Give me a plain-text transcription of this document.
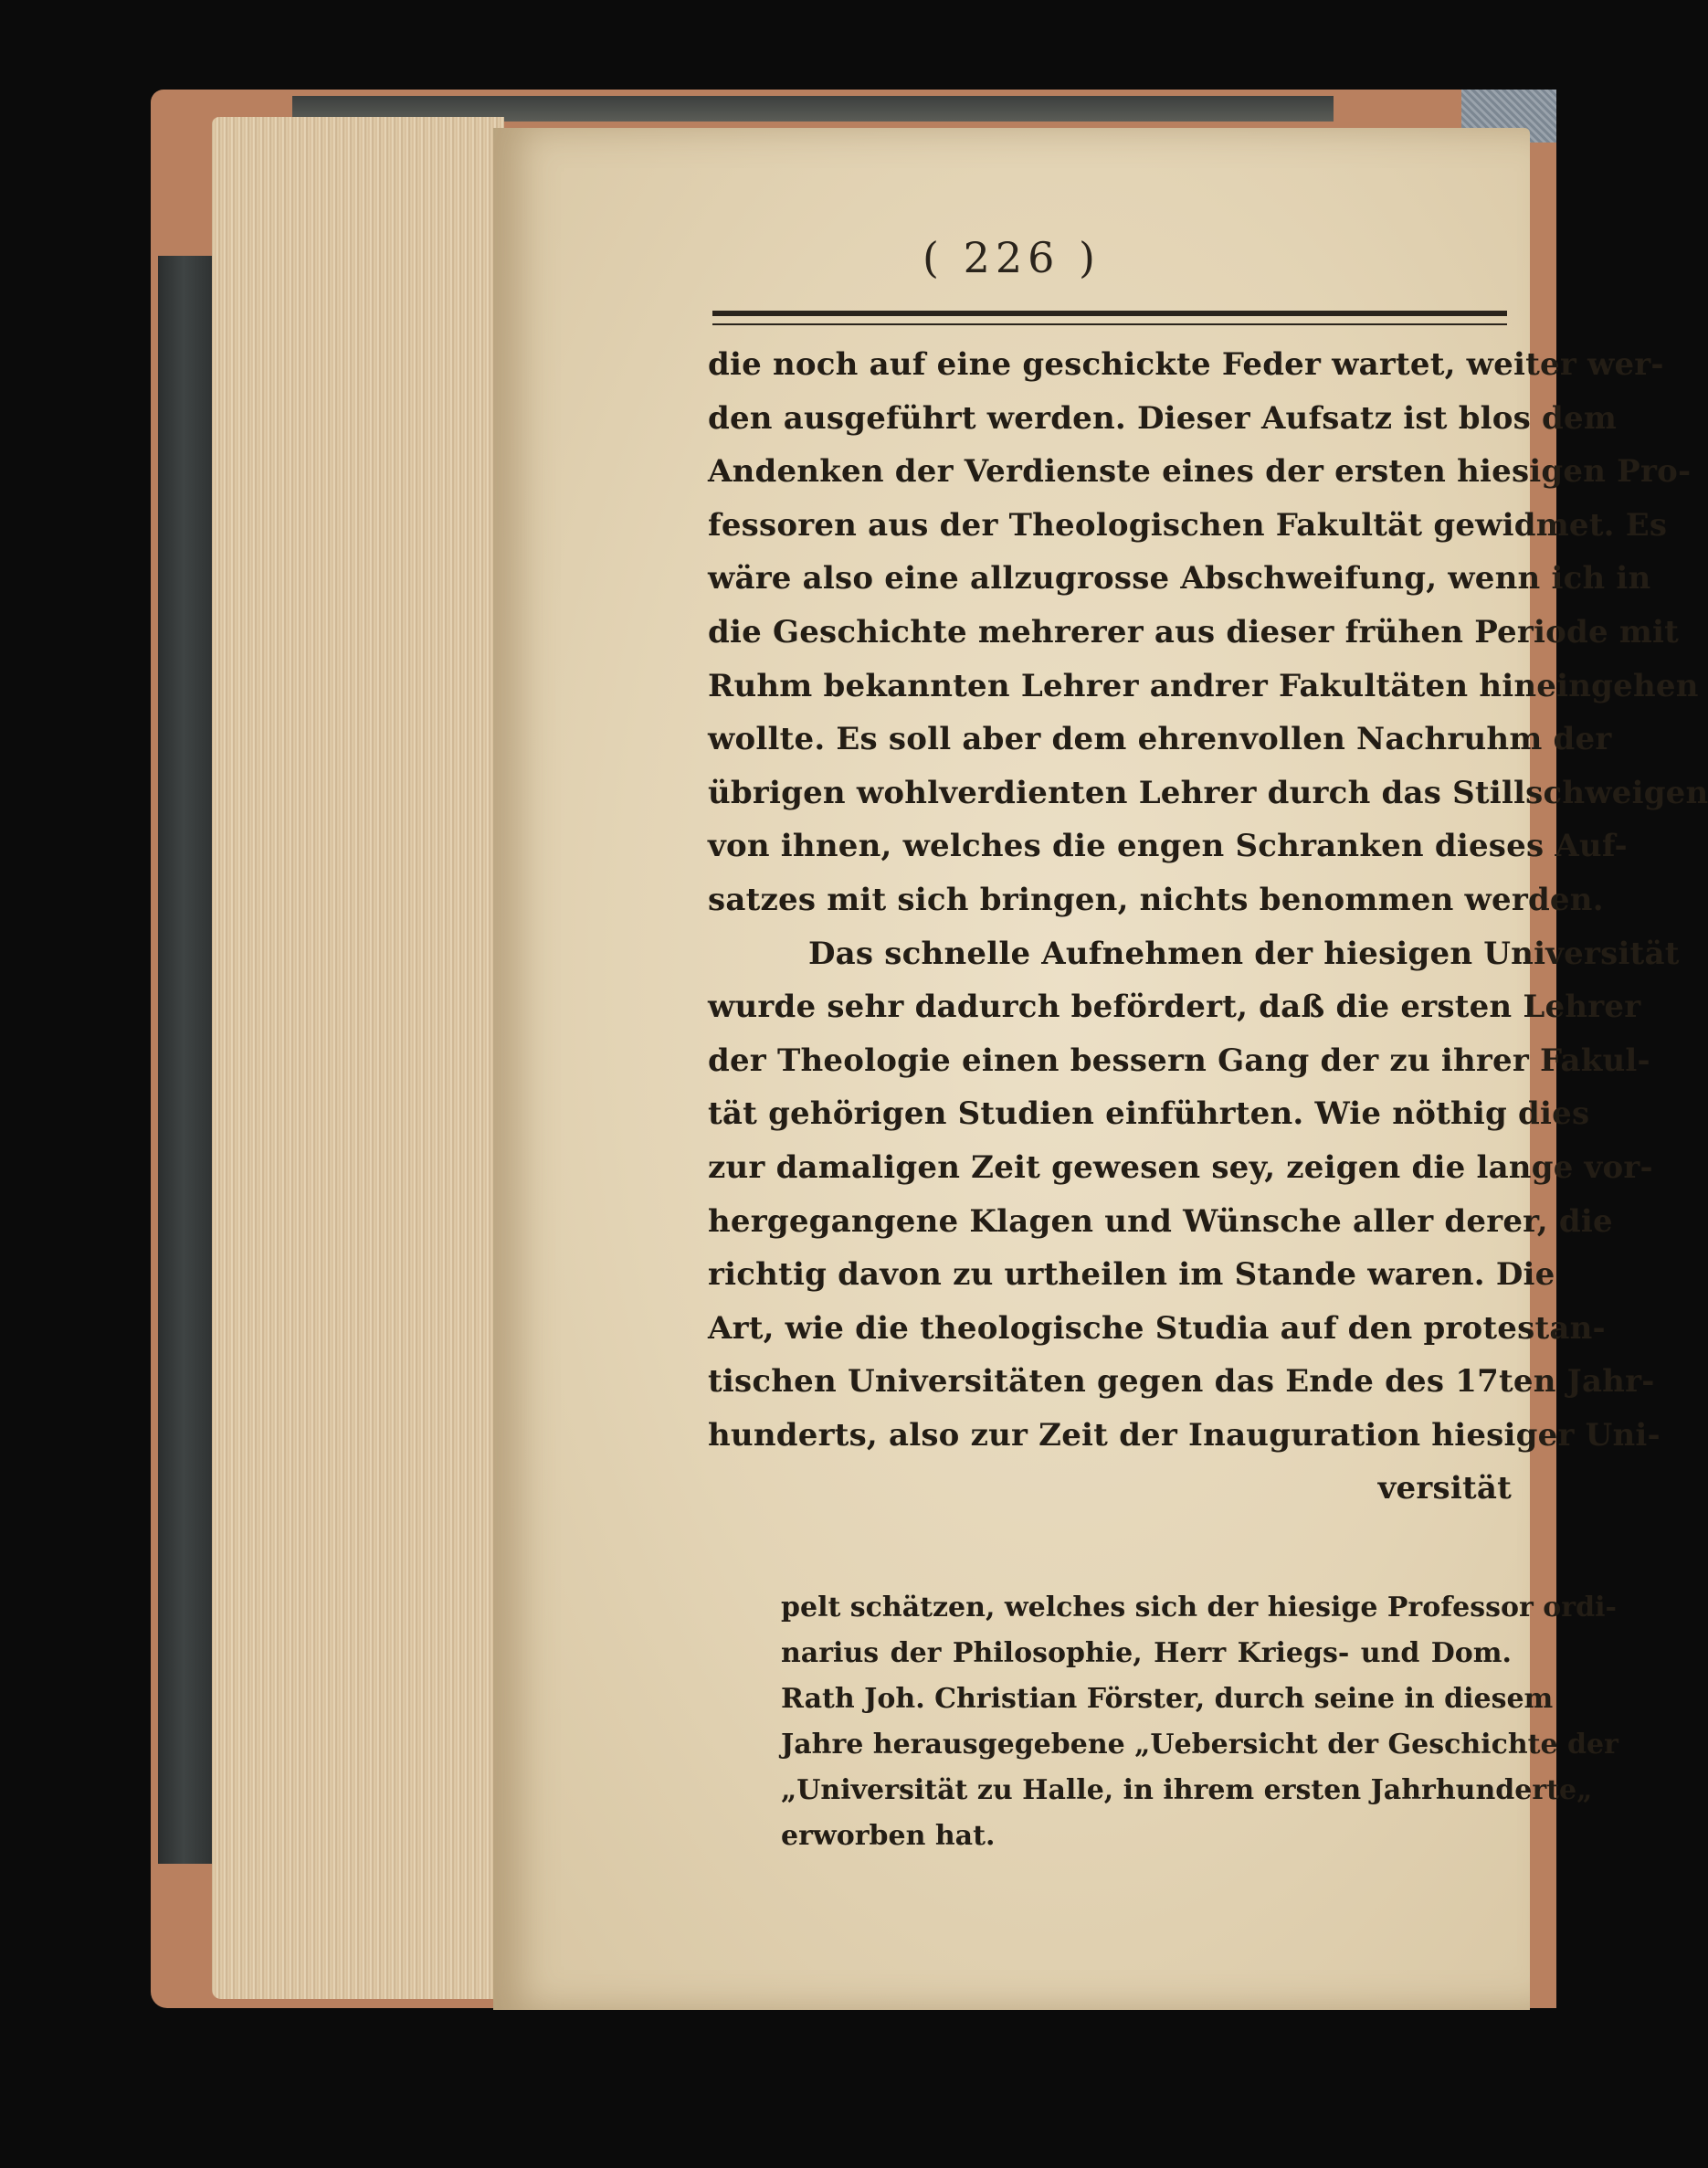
( 226 )
die noch auf eine geschickte Feder wartet, weiter wer-
den ausgeführt werden. Dieser Aufsatz ist blos dem
Andenken der Verdienste eines der ersten hiesigen Pro-
fessoren aus der Theologischen Fakultät gewidmet. Es
wäre also eine allzugrosse Abschweifung, wenn ich in
die Geschichte mehrerer aus dieser frühen Periode mit
Ruhm bekannten Lehrer andrer Fakultäten hineingehen
wollte. Es soll aber dem ehrenvollen Nachruhm der
übrigen wohlverdienten Lehrer durch das Stillschweigen
von ihnen, welches die engen Schranken dieses Auf-
satzes mit sich bringen, nichts benommen werden.
Das schnelle Aufnehmen der hiesigen Universität
wurde sehr dadurch befördert, daß die ersten Lehrer
der Theologie einen bessern Gang der zu ihrer Fakul-
tät gehörigen Studien einführten. Wie nöthig dies
zur damaligen Zeit gewesen sey, zeigen die lange vor-
hergegangene Klagen und Wünsche aller derer, die
richtig davon zu urtheilen im Stande waren. Die
Art, wie die theologische Studia auf den protestan-
tischen Universitäten gegen das Ende des 17ten Jahr-
hunderts, also zur Zeit der Inauguration hiesiger Uni-
versität
pelt schätzen, welches sich der hiesige Professor ordi-
narius der Philosophie, Herr Kriegs- und Dom.
Rath Joh. Christian Förster, durch seine in diesem
Jahre herausgegebene „Uebersicht der Geschichte der
„Universität zu Halle, in ihrem ersten Jahrhunderte„
erworben hat.
